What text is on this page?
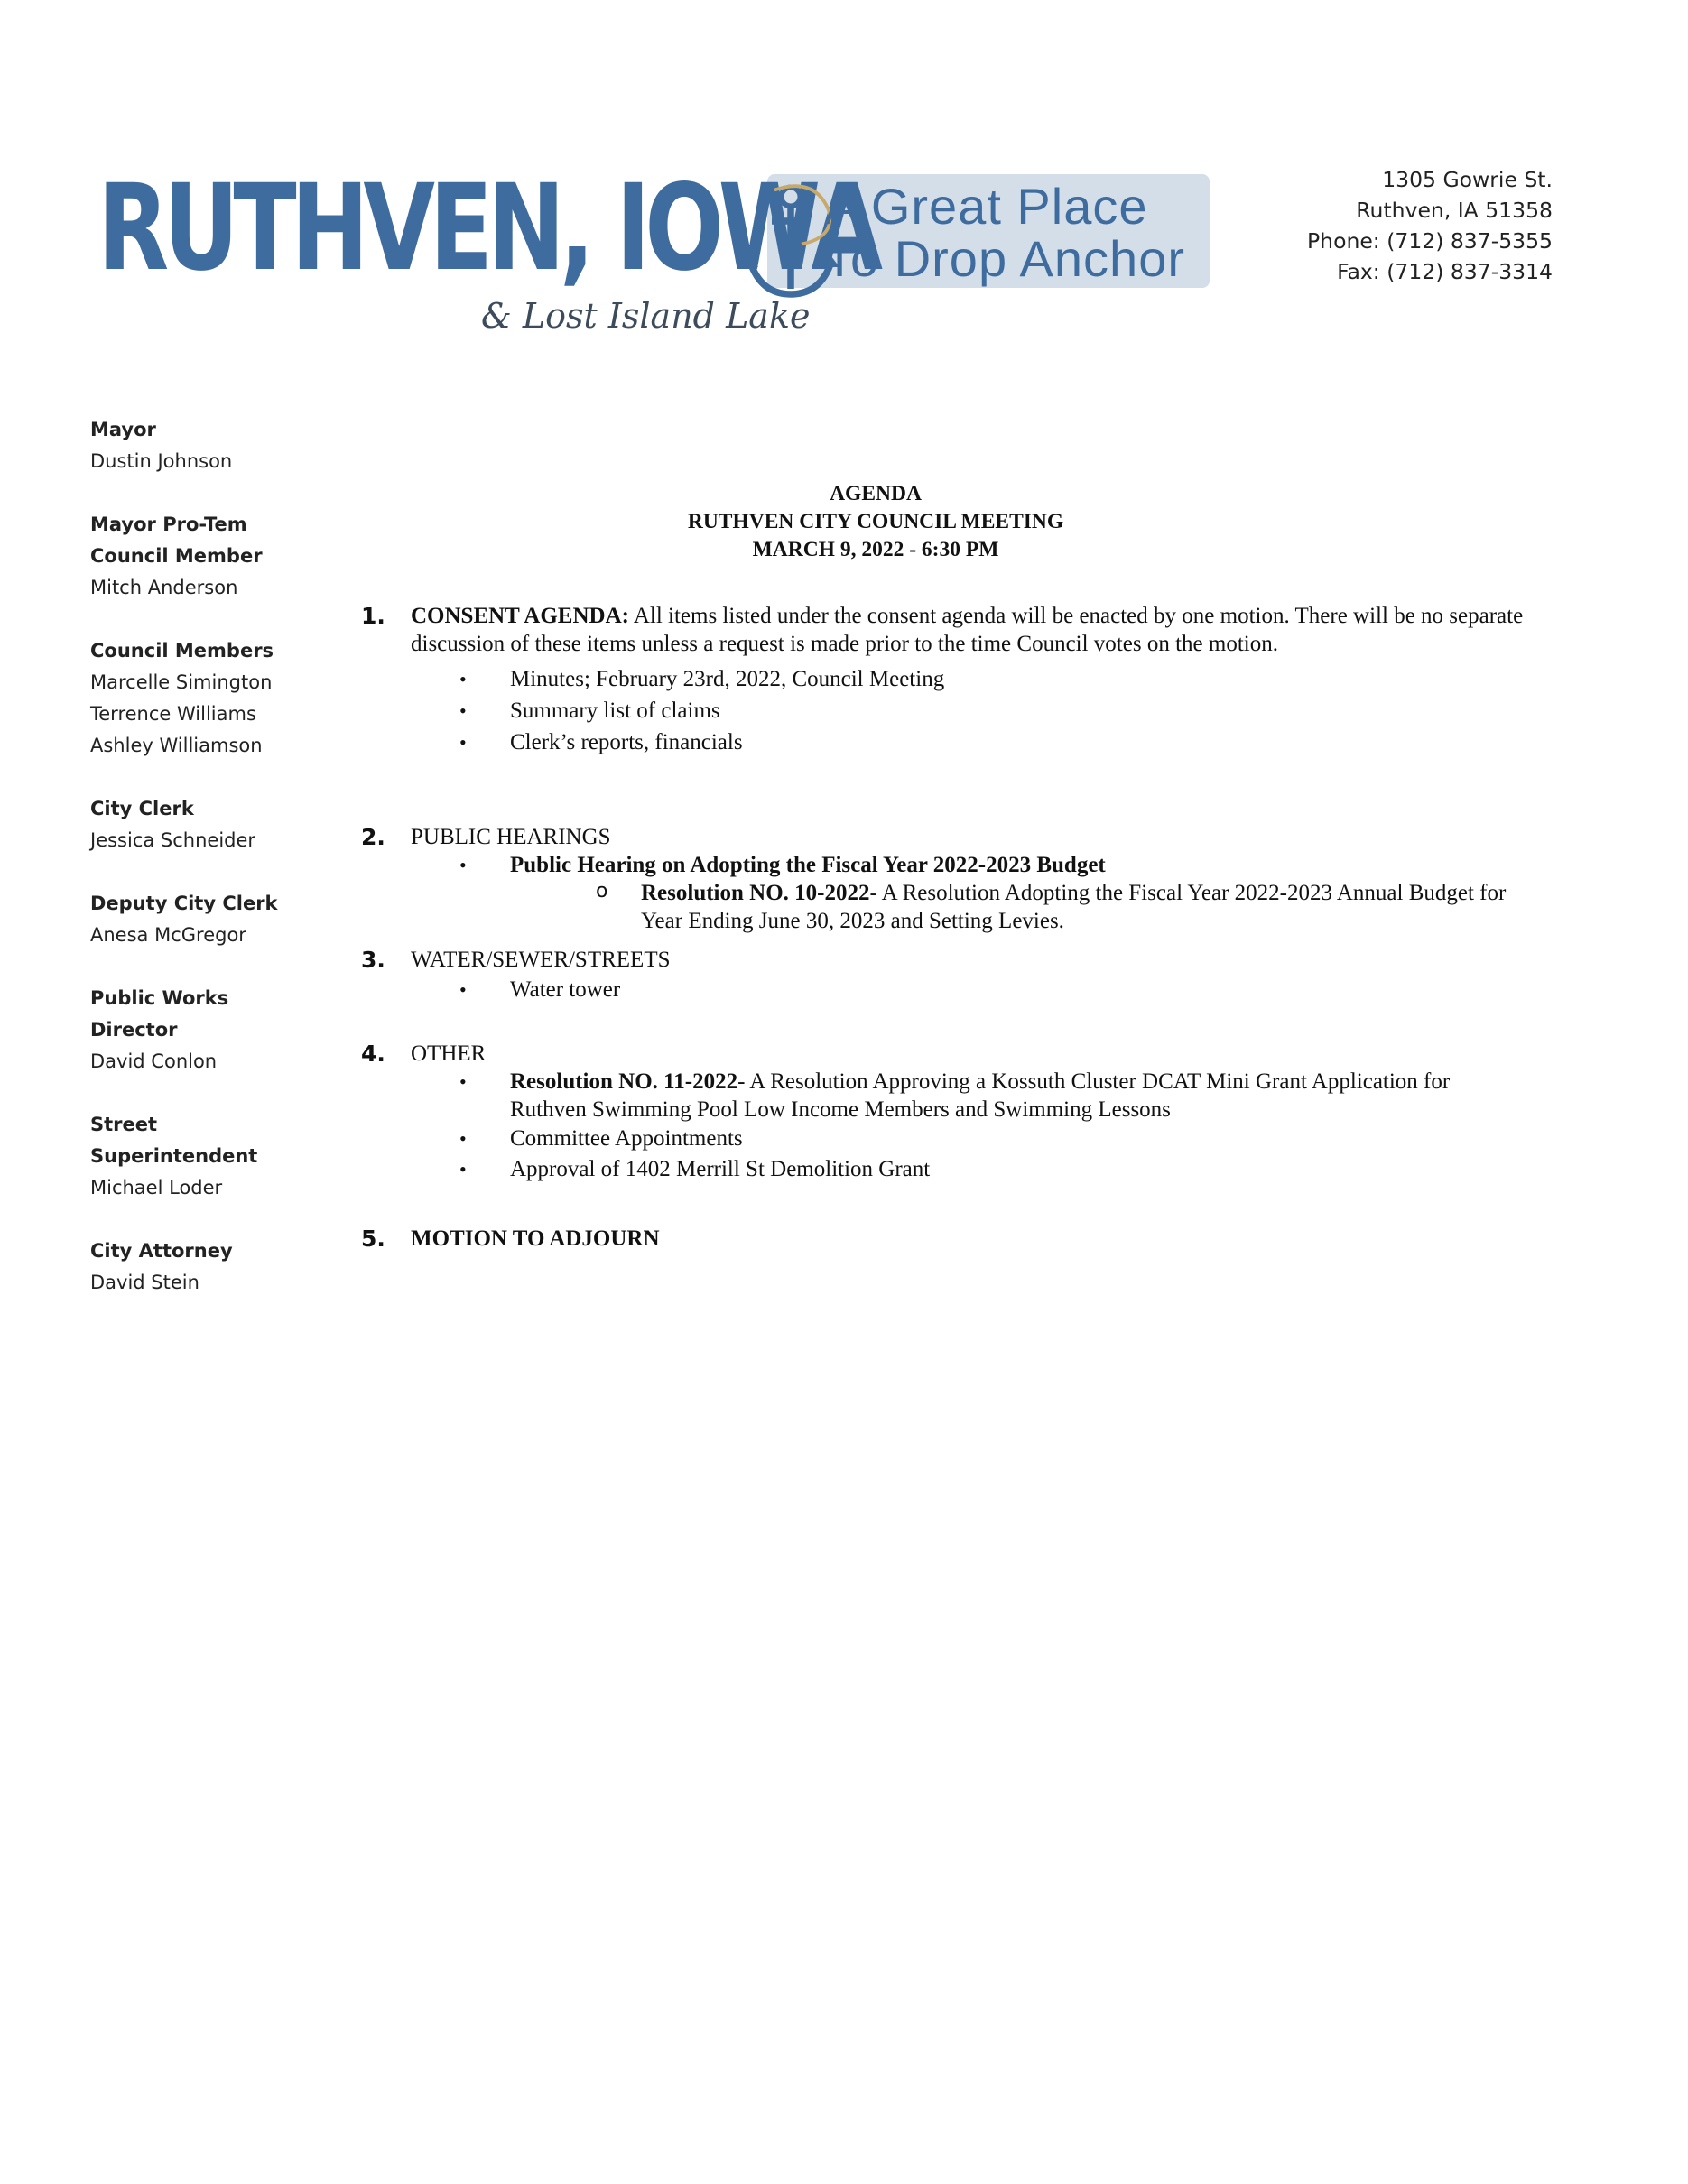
RUTHVEN, IOWA
A Great Place
To Drop Anchor
& Lost Island Lake
1305 Gowrie St.
Ruthven, IA 51358
Phone: (712) 837-5355
Fax: (712) 837-3314
Mayor
Dustin Johnson
Mayor Pro-Tem
Council Member
Mitch Anderson
Council Members
Marcelle Simington
Terrence Williams
Ashley Williamson
City Clerk
Jessica Schneider
Deputy City Clerk
Anesa McGregor
Public Works
Director
David Conlon
Street
Superintendent
Michael Loder
City Attorney
David Stein
AGENDA
RUTHVEN CITY COUNCIL MEETING
MARCH 9, 2022 - 6:30 PM
1. CONSENT AGENDA: All items listed under the consent agenda will be enacted by one motion. There will be no separate discussion of these items unless a request is made prior to the time Council votes on the motion.
• Minutes; February 23rd, 2022, Council Meeting
• Summary list of claims
• Clerk’s reports, financials
2. PUBLIC HEARINGS
• Public Hearing on Adopting the Fiscal Year 2022-2023 Budget
o Resolution NO. 10-2022- A Resolution Adopting the Fiscal Year 2022-2023 Annual Budget for Year Ending June 30, 2023 and Setting Levies.
3. WATER/SEWER/STREETS
• Water tower
4. OTHER
• Resolution NO. 11-2022- A Resolution Approving a Kossuth Cluster DCAT Mini Grant Application for Ruthven Swimming Pool Low Income Members and Swimming Lessons
• Committee Appointments
• Approval of 1402 Merrill St Demolition Grant
5. MOTION TO ADJOURN
